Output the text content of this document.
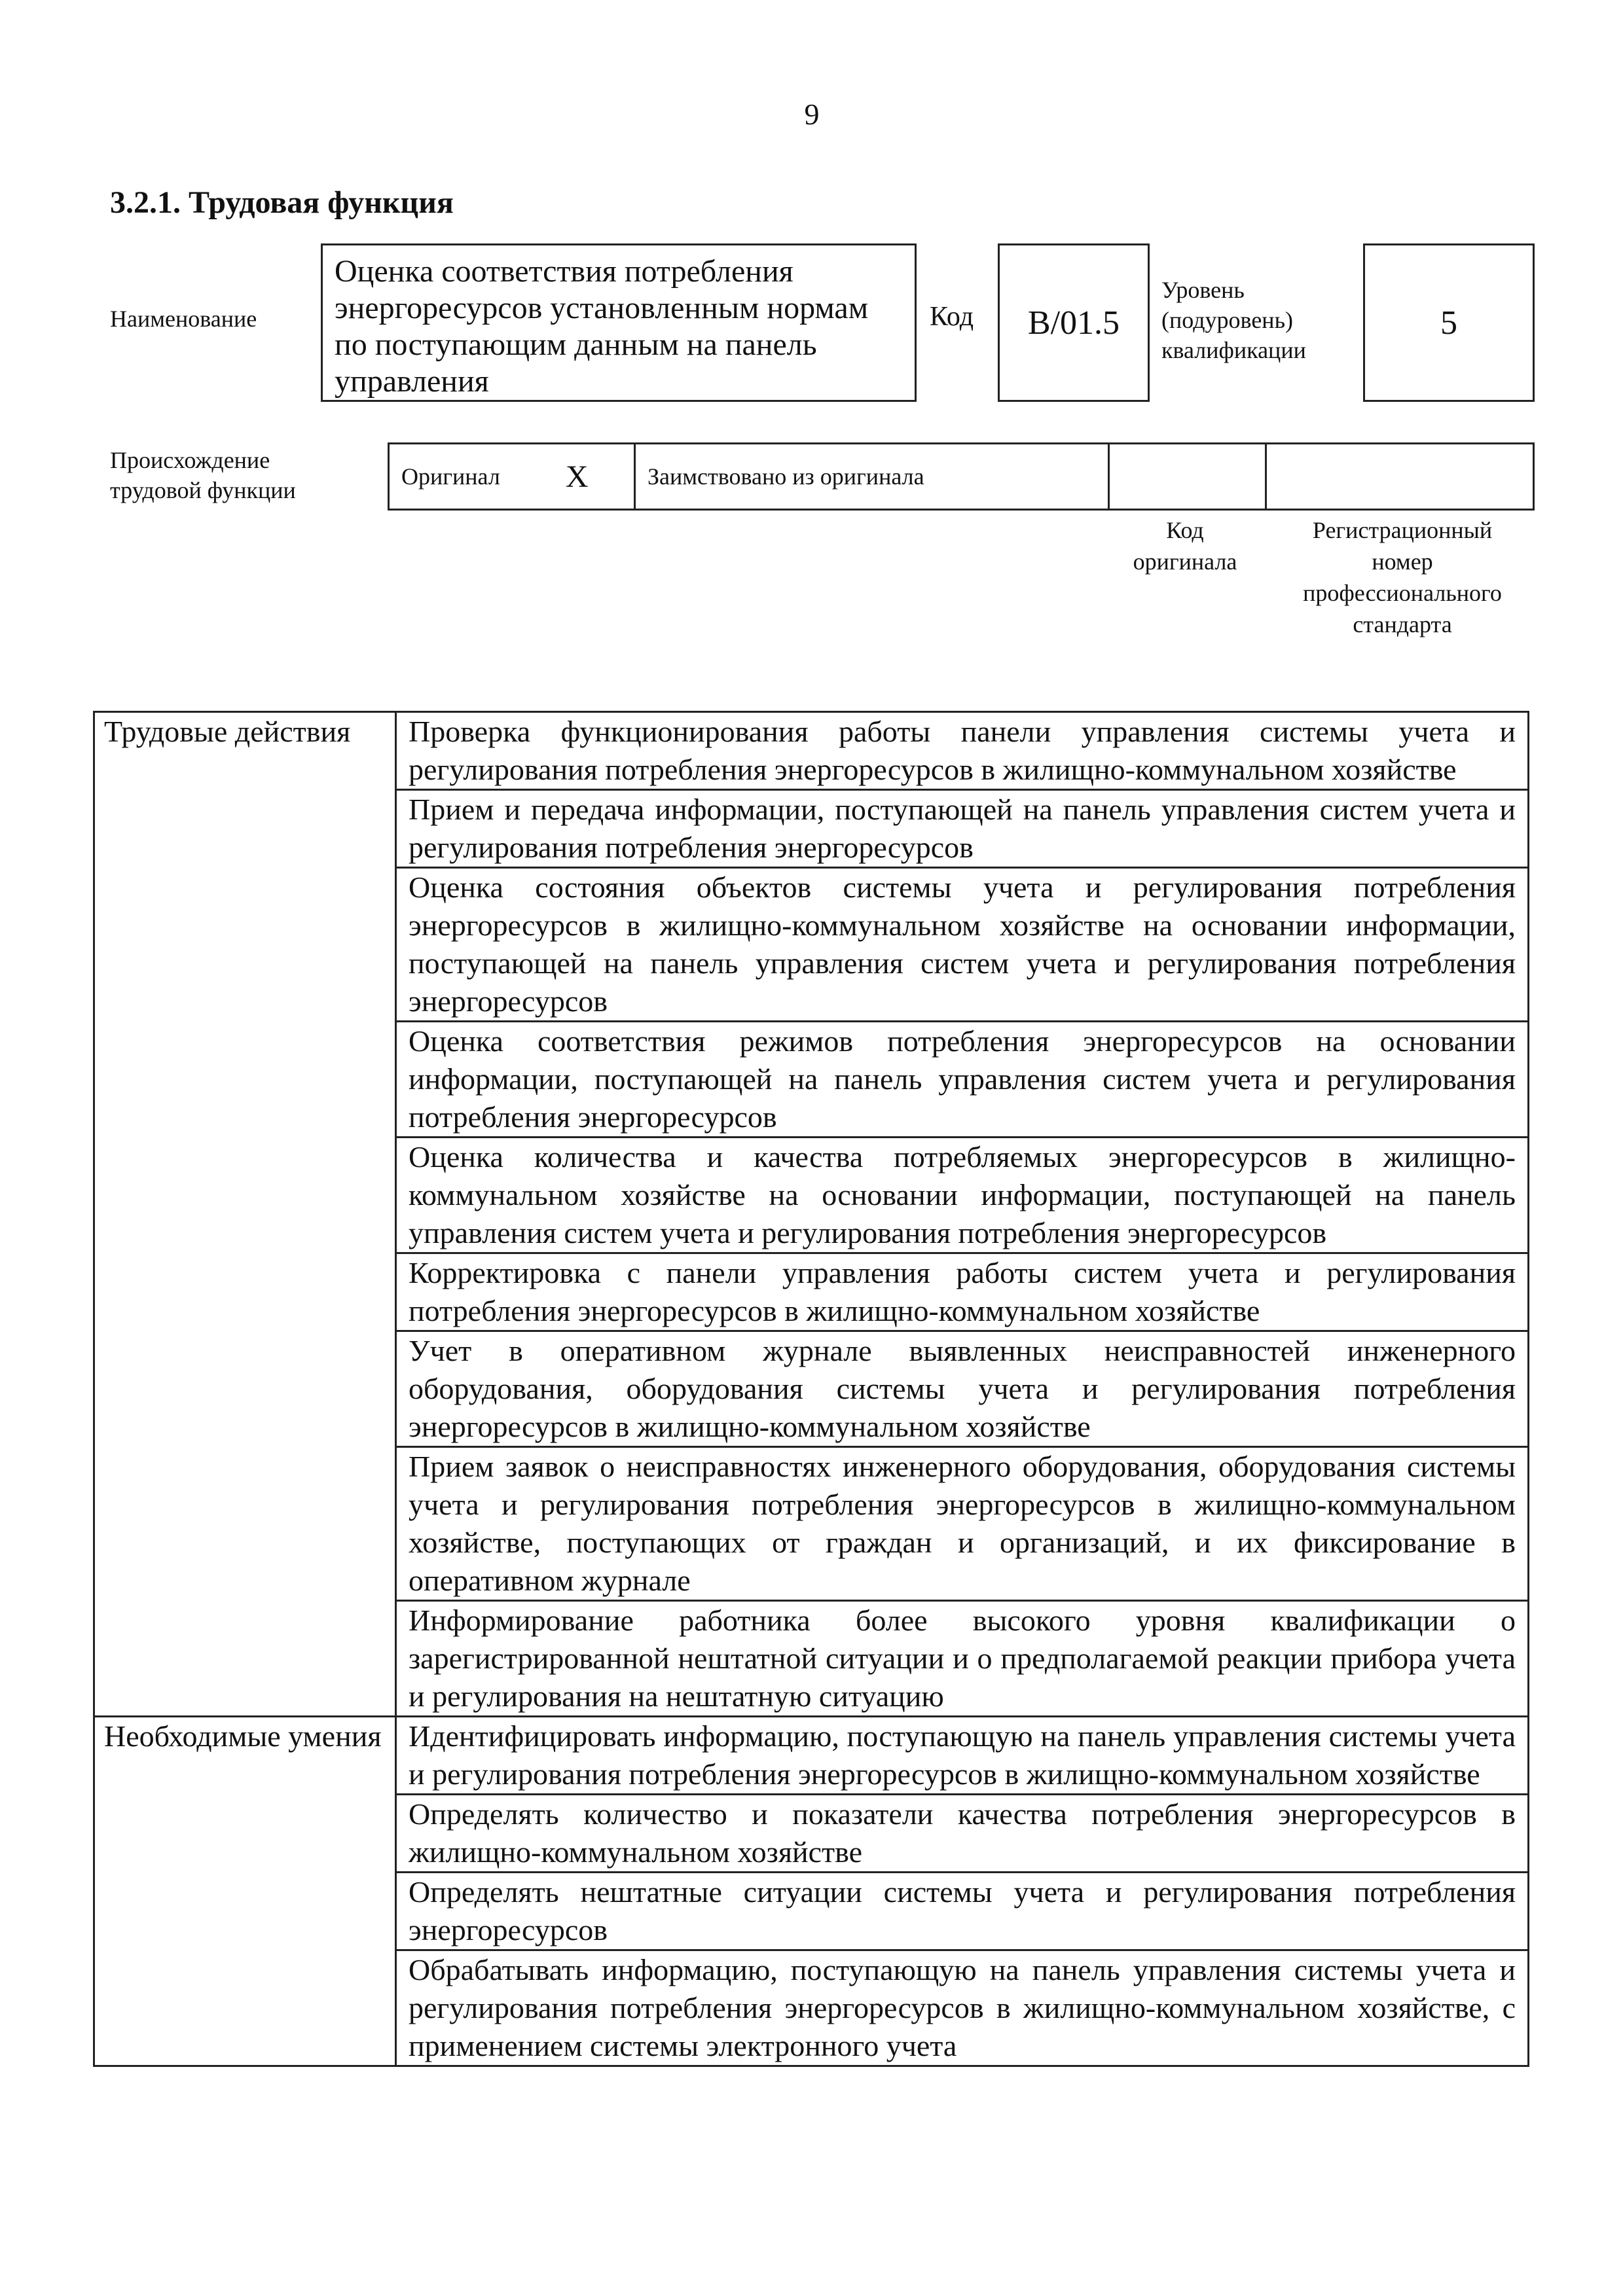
9
3.2.1. Трудовая функция
Наименование
Оценка соответствия потребления энергоресурсов установленным нормам по поступающим данным на панель управления
Код B/01.5
Уровень
(подуровень)
квалификации
5
Происхождение
трудовой функции
Оригинал X	Заимствовано из оригинала
Код
оригинала
Регистрационный
номер
профессионального
стандарта
Трудовые действия	Проверка функционирования работы панели управления системы учета и регулирования потребления энергоресурсов в жилищно-коммунальном хозяйстве
	Прием и передача информации, поступающей на панель управления систем учета и регулирования потребления энергоресурсов
	Оценка состояния объектов системы учета и регулирования потребления энергоресурсов в жилищно-коммунальном хозяйстве на основании информации, поступающей на панель управления систем учета и регулирования потребления энергоресурсов
	Оценка соответствия режимов потребления энергоресурсов на основании информации, поступающей на панель управления систем учета и регулирования потребления энергоресурсов
	Оценка количества и качества потребляемых энергоресурсов в жилищно-коммунальном хозяйстве на основании информации, поступающей на панель управления систем учета и регулирования потребления энергоресурсов
	Корректировка с панели управления работы систем учета и регулирования потребления энергоресурсов в жилищно-коммунальном хозяйстве
	Учет в оперативном журнале выявленных неисправностей инженерного оборудования, оборудования системы учета и регулирования потребления энергоресурсов в жилищно-коммунальном хозяйстве
	Прием заявок о неисправностях инженерного оборудования, оборудования системы учета и регулирования потребления энергоресурсов в жилищно-коммунальном хозяйстве, поступающих от граждан и организаций, и их фиксирование в оперативном журнале
	Информирование работника более высокого уровня квалификации о зарегистрированной нештатной ситуации и о предполагаемой реакции прибора учета и регулирования на нештатную ситуацию
Необходимые умения	Идентифицировать информацию, поступающую на панель управления системы учета и регулирования потребления энергоресурсов в жилищно-коммунальном хозяйстве
	Определять количество и показатели качества потребления энергоресурсов в жилищно-коммунальном хозяйстве
	Определять нештатные ситуации системы учета и регулирования потребления энергоресурсов
	Обрабатывать информацию, поступающую на панель управления системы учета и регулирования потребления энергоресурсов в жилищно-коммунальном хозяйстве, с применением системы электронного учета
